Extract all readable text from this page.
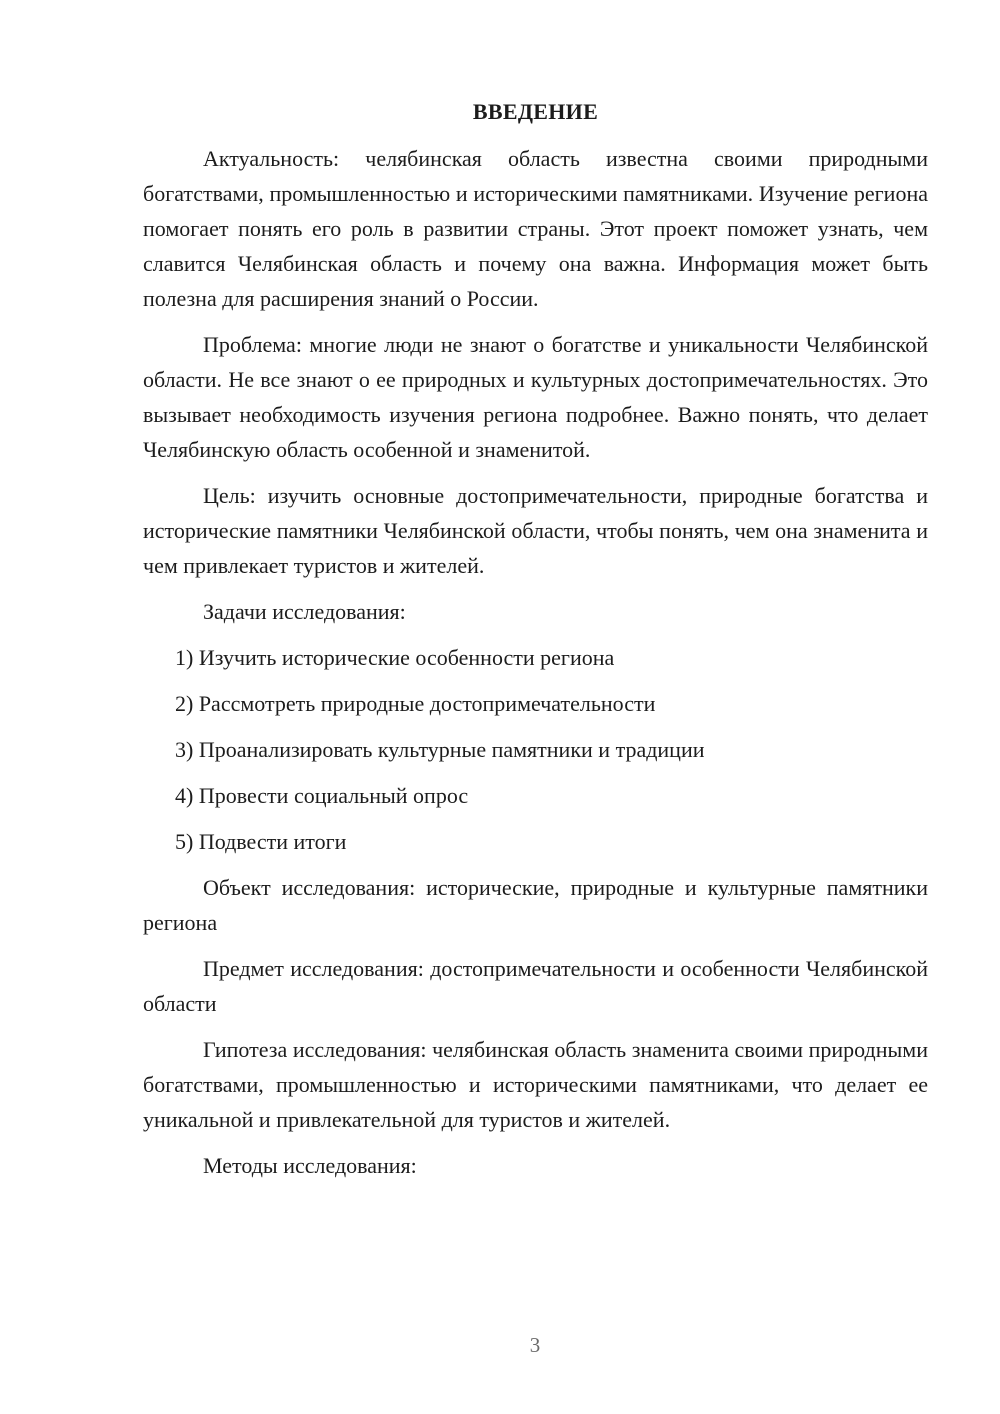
ВВЕДЕНИЕ

Актуальность: челябинская область известна своими природными богатствами, промышленностью и историческими памятниками. Изучение региона помогает понять его роль в развитии страны. Этот проект поможет узнать, чем славится Челябинская область и почему она важна. Информация может быть полезна для расширения знаний о России.

Проблема: многие люди не знают о богатстве и уникальности Челябинской области. Не все знают о ее природных и культурных достопримечательностях. Это вызывает необходимость изучения региона подробнее. Важно понять, что делает Челябинскую область особенной и знаменитой.

Цель: изучить основные достопримечательности, природные богатства и исторические памятники Челябинской области, чтобы понять, чем она знаменита и чем привлекает туристов и жителей.

Задачи исследования:

1) Изучить исторические особенности региона
2) Рассмотреть природные достопримечательности
3) Проанализировать культурные памятники и традиции
4) Провести социальный опрос
5) Подвести итоги

Объект исследования: исторические, природные и культурные памятники региона

Предмет исследования: достопримечательности и особенности Челябинской области

Гипотеза исследования: челябинская область знаменита своими природными богатствами, промышленностью и историческими памятниками, что делает ее уникальной и привлекательной для туристов и жителей.

Методы исследования:

3
